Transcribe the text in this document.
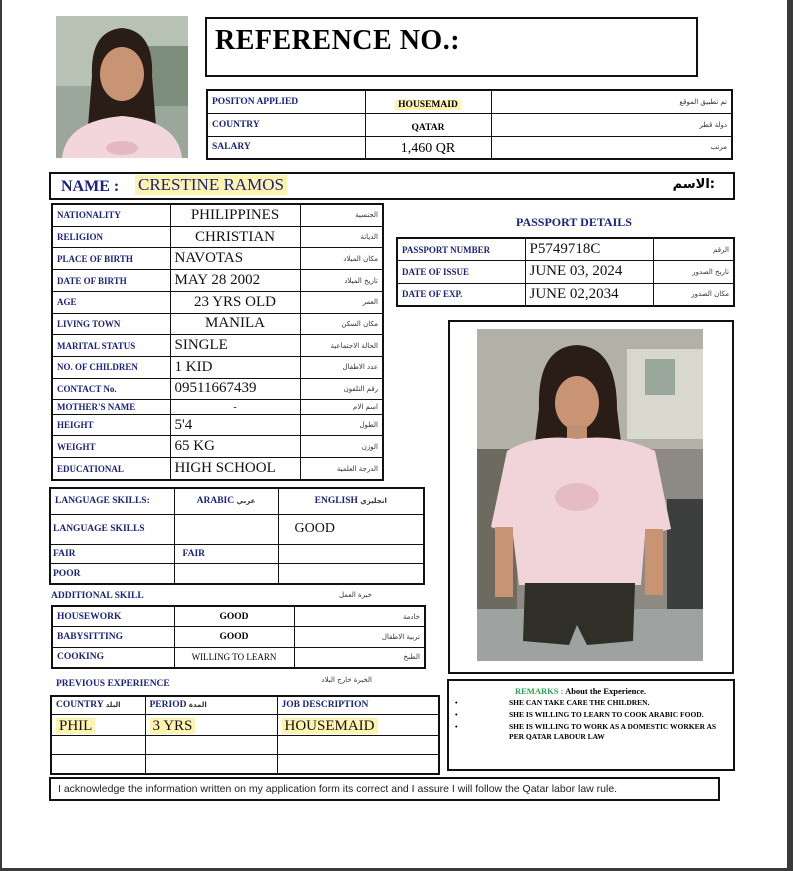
REFERENCE NO.:
POSITON APPLIED	HOUSEMAID	تم تطبيق الموقع
COUNTRY	QATAR	دولة قطر
SALARY	1,460 QR	مرتب
NAME : CRESTINE RAMOS	الاسم:
NATIONALITY	PHILIPPINES	الجنسية
RELIGION	CHRISTIAN	الديانة
PLACE OF BIRTH	NAVOTAS	مكان الميلاد
DATE OF BIRTH	MAY 28 2002	تاريخ الميلاد
AGE	23 YRS OLD	العمر
LIVING TOWN	MANILA	مكان السكن
MARITAL STATUS	SINGLE	الحالة الاجتماعية
NO. OF CHILDREN	1 KID	عدد الاطفال
CONTACT No.	09511667439	رقم التلفون
MOTHER'S NAME	-	اسم الام
HEIGHT	5'4	الطول
WEIGHT	65 KG	الوزن
EDUCATIONAL	HIGH SCHOOL	الدرجة العلمية
PASSPORT DETAILS
PASSPORT NUMBER	P5749718C	الرقم
DATE OF ISSUE	JUNE 03, 2024	تاريخ الصدور
DATE OF EXP.	JUNE 02,2034	مكان الصدور
LANGUAGE SKILLS:	ARABIC عربي	ENGLISH انجليزي
LANGUAGE SKILLS		GOOD
FAIR	FAIR	
POOR		
ADDITIONAL SKILL	خبرة العمل
HOUSEWORK	GOOD	خادمة
BABYSITTING	GOOD	تربية الاطفال
COOKING	WILLING TO LEARN	الطبخ
PREVIOUS EXPERIENCE	الخبرة خارج البلاد
COUNTRY البلد	PERIOD المدة	JOB DESCRIPTION
PHIL	3 YRS	HOUSEMAID

REMARKS : About the Experience.
•	SHE CAN TAKE CARE THE CHILDREN.
•	SHE IS WILLING TO LEARN TO COOK ARABIC FOOD.
•	SHE IS WILLING TO WORK AS A DOMESTIC WORKER AS PER QATAR LABOUR LAW
I acknowledge the information written on my application form its correct and I assure I will follow the Qatar labor law rule.
